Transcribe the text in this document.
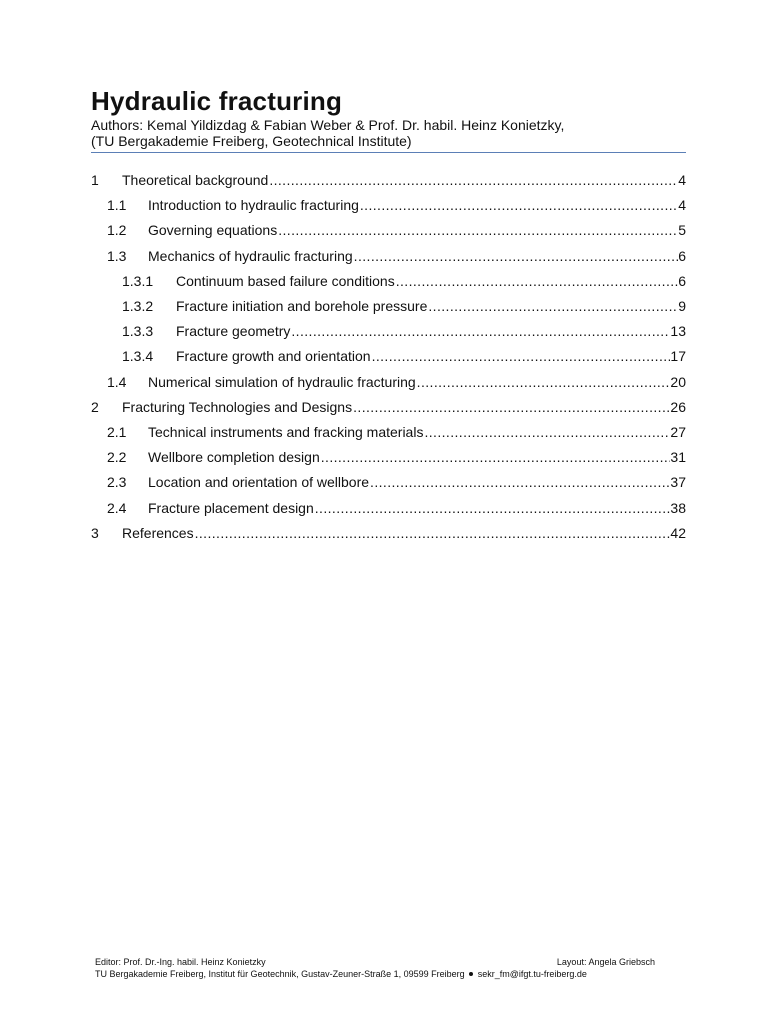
Hydraulic fracturing
Authors: Kemal Yildizdag & Fabian Weber & Prof. Dr. habil. Heinz Konietzky,
(TU Bergakademie Freiberg, Geotechnical Institute)
1 Theoretical background .....	4
1.1 Introduction to hydraulic fracturing .....	4
1.2 Governing equations .....	5
1.3 Mechanics of hydraulic fracturing .....	6
1.3.1 Continuum based failure conditions .....	6
1.3.2 Fracture initiation and borehole pressure .....	9
1.3.3 Fracture geometry .....	13
1.3.4 Fracture growth and orientation .....	17
1.4 Numerical simulation of hydraulic fracturing .....	20
2 Fracturing Technologies and Designs .....	26
2.1 Technical instruments and fracking materials .....	27
2.2 Wellbore completion design .....	31
2.3 Location and orientation of wellbore .....	37
2.4 Fracture placement design .....	38
3 References .....	42
Editor: Prof. Dr.-Ing. habil. Heinz Konietzky	Layout: Angela Griebsch
TU Bergakademie Freiberg, Institut für Geotechnik, Gustav-Zeuner-Straße 1, 09599 Freiberg sekr_fm@ifgt.tu-freiberg.de
